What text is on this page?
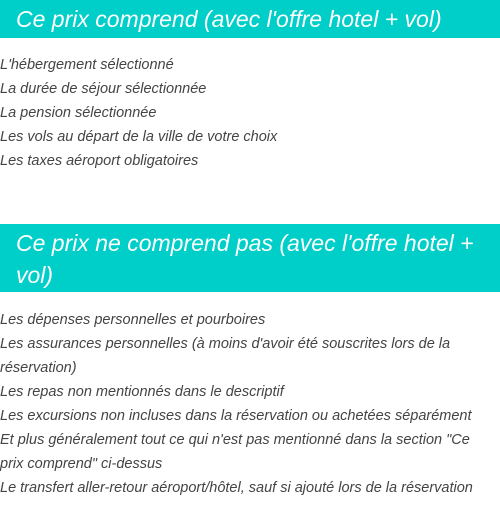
Ce prix comprend (avec l'offre hotel + vol)
L'hébergement sélectionné
La durée de séjour sélectionnée
La pension sélectionnée
Les vols au départ de la ville de votre choix
Les taxes aéroport obligatoires
Ce prix ne comprend pas (avec l'offre hotel + vol)
Les dépenses personnelles et pourboires
Les assurances personnelles (à moins d'avoir été souscrites lors de la réservation)
Les repas non mentionnés dans le descriptif
Les excursions non incluses dans la réservation ou achetées séparément
Et plus généralement tout ce qui n'est pas mentionné dans la section "Ce prix comprend" ci-dessus
Le transfert aller-retour aéroport/hôtel, sauf si ajouté lors de la réservation
